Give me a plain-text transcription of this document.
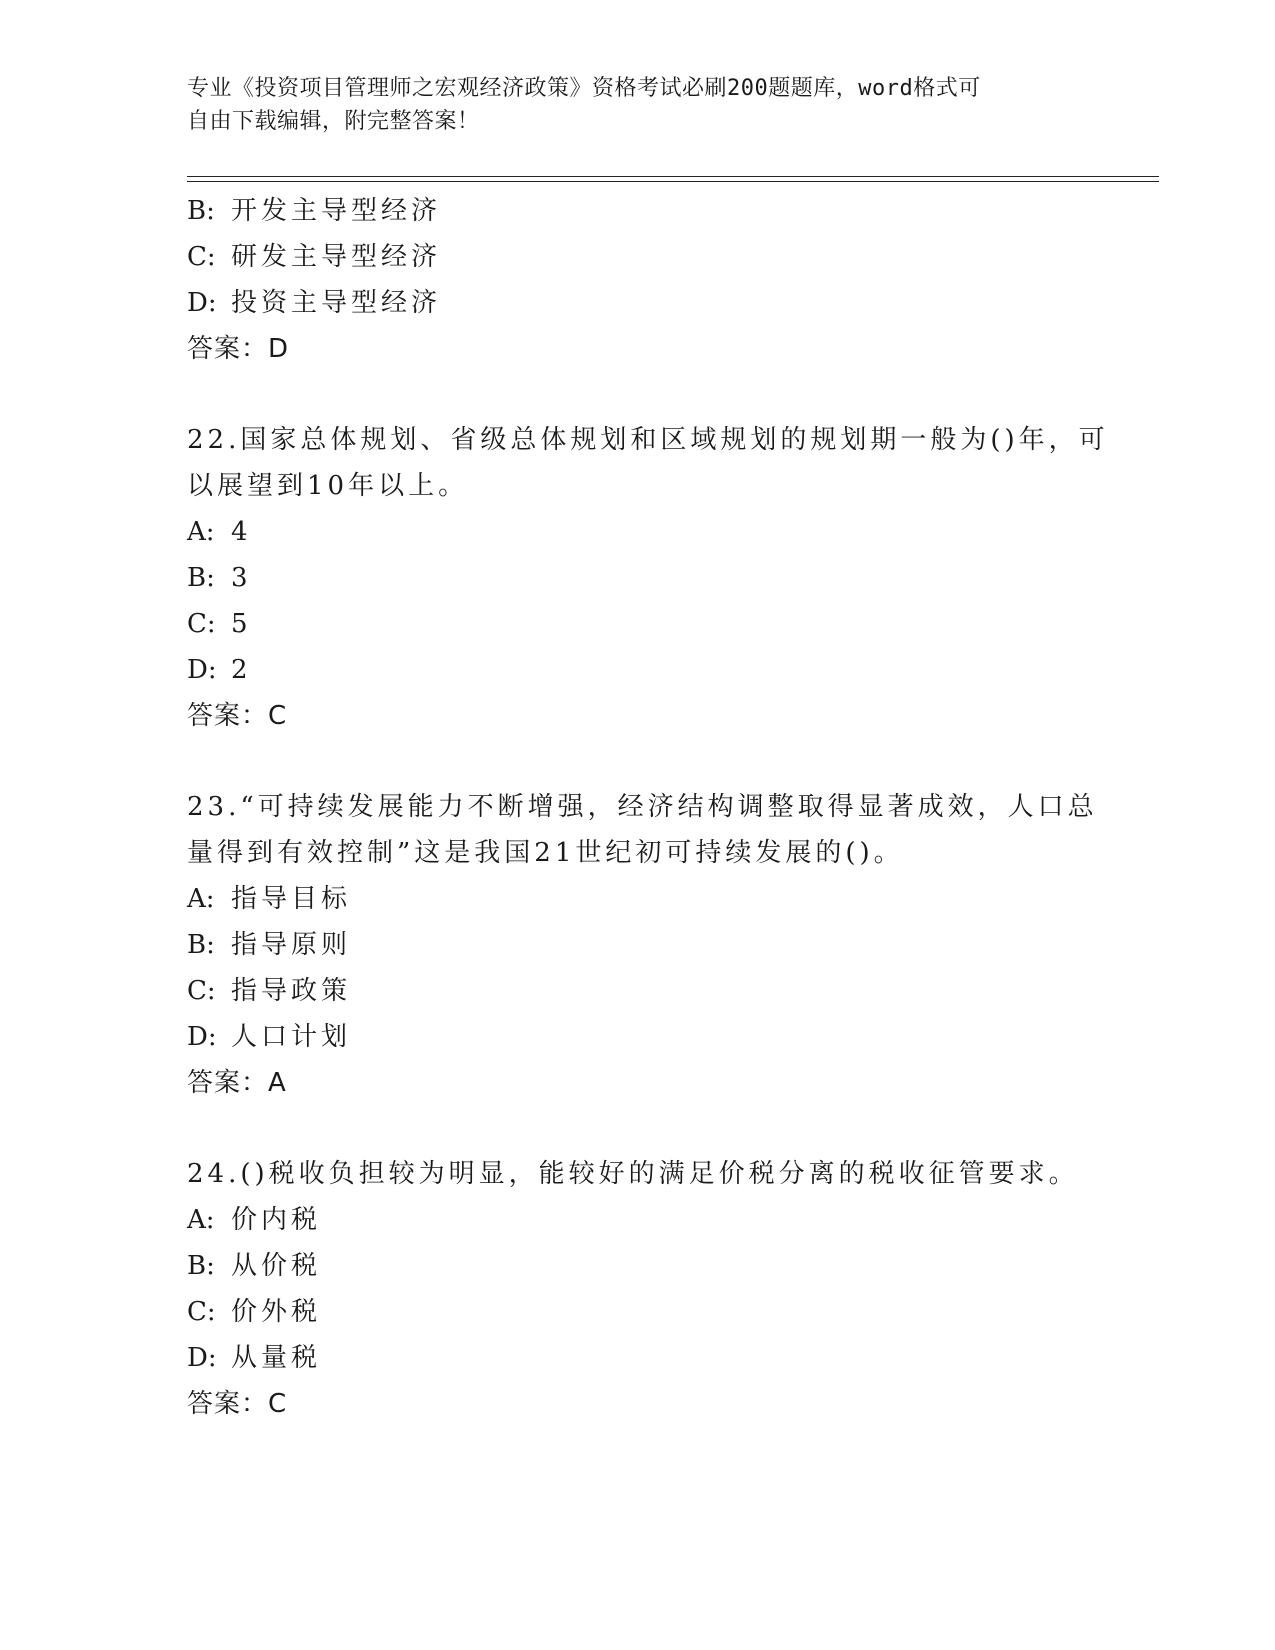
专业《投资项目管理师之宏观经济政策》资格考试必刷200题题库，word格式可
自由下载编辑，附完整答案！
B: 开发主导型经济
C: 研发主导型经济
D: 投资主导型经济
答案：D
22.国家总体规划、省级总体规划和区域规划的规划期一般为()年，可
以展望到10年以上。
A: 4
B: 3
C: 5
D: 2
答案：C
23.“可持续发展能力不断增强，经济结构调整取得显著成效，人口总
量得到有效控制”这是我国21世纪初可持续发展的()。
A: 指导目标
B: 指导原则
C: 指导政策
D: 人口计划
答案：A
24.()税收负担较为明显，能较好的满足价税分离的税收征管要求。
A: 价内税
B: 从价税
C: 价外税
D: 从量税
答案：C
